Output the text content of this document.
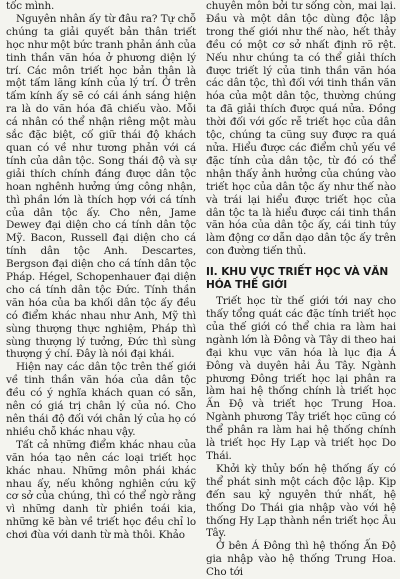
tốc mình.

Nguyên nhân ấy từ đâu ra? Tự chỗ chúng ta giải quyết bản thân triết học như một bức tranh phản ánh của tinh thần văn hóa ở phương diện lý trí. Các môn triết học bản thân là một tấm lăng kính của lý trí. Ở trên tấm kính ấy sẽ có cái ánh sáng hiện ra là do văn hóa đã chiếu vào. Mỗi cá nhân có thể nhận riêng một màu sắc đặc biệt, cố giữ thái độ khách quan có về như tương phản với cá tính của dân tộc. Song thái độ và sự giải thích chính đáng được dân tộc hoan nghênh hưởng ứng công nhận, thì phần lớn là thích hợp với cá tính của dân tộc ấy. Cho nên, Jame Dewey đại diện cho cá tính dân tộc Mỹ. Bacon, Russell đại diện cho cá tính dân tộc Anh. Descartes, Bergson đại diện cho cá tính dân tộc Pháp. Hégel, Schopenhauer đại diện cho cá tính dân tộc Đức. Tính thần văn hóa của ba khối dân tộc ấy đều có điểm khác nhau như Anh, Mỹ thì sùng thượng thực nghiệm, Pháp thì sùng thượng lý tưởng, Đức thì sùng thượng ý chí. Đây là nói đại khái.

Hiện nay các dân tộc trên thế giới về tinh thần văn hóa của dân tộc đều có ý nghĩa khách quan có sẵn, nên có giá trị chân lý của nó. Cho nên thái độ đối với chân lý của họ có nhiều chỗ khác nhau vậy.

Tất cả những điểm khác nhau của văn hóa tạo nên các loại triết học khác nhau. Những môn phái khác nhau ấy, nếu không nghiên cứu kỹ cơ sở của chúng, thì có thể ngờ rằng vì những danh từ phiền toái kia, những kẽ bàn về triết học đều chỉ lo chơi đùa với danh từ mà thôi. Khảo

chuyên môn bởi tư sống còn, mai lại. Đầu và một dân tộc dùng độc lập trong thế giới như thế nào, hết thảy đều có một cơ sở nhất định rõ rệt. Nếu như chúng ta có thể giải thích được triết lý của tinh thần văn hóa các dân tộc, thì đối với tinh thần văn hóa của một dân tộc, thường chúng ta đã giải thích được quá nửa. Đồng thời đối với gốc rễ triết học của dân tộc, chúng ta cũng suy được ra quá nửa. Hiểu được các điểm chủ yếu về đặc tính của dân tộc, từ đó có thể nhận thấy ảnh hưởng của chúng vào triết học của dân tộc ấy như thế nào và trái lại hiểu được triết học của dân tộc ta là hiểu được cái tinh thần văn hóa của dân tộc ấy, cái tinh túy làm động cơ dẫn dạo dân tộc ấy trên con đường tiến thủ.

II. KHU VỰC TRIẾT HỌC VÀ VĂN HÓA THẾ GIỚI

Triết học từ thế giới tới nay cho thấy tổng quát các đặc tính triết học của thế giới có thể chia ra làm hai ngành lớn là Đông và Tây di theo hai đại khu vực văn hóa là lục địa Á Đông và duyên hải Âu Tây. Ngành phương Đông triết học lại phân ra làm hai hệ thống chính là triết học Ấn Độ và triết học Trung Hoa. Ngành phương Tây triết học cũng có thể phân ra làm hai hệ thống chính là triết học Hy Lạp và triết học Do Thái.

Khởi kỳ thủy bốn hệ thống ấy có thể phát sinh một cách độc lập. Kịp đến sau kỷ nguyên thứ nhất, hệ thống Do Thái gia nhập vào với hệ thống Hy Lạp thành nền triết học Âu Tây.

Ở bên Á Đông thì hệ thống Ấn Độ gia nhập vào hệ thống Trung Hoa. Cho tới
